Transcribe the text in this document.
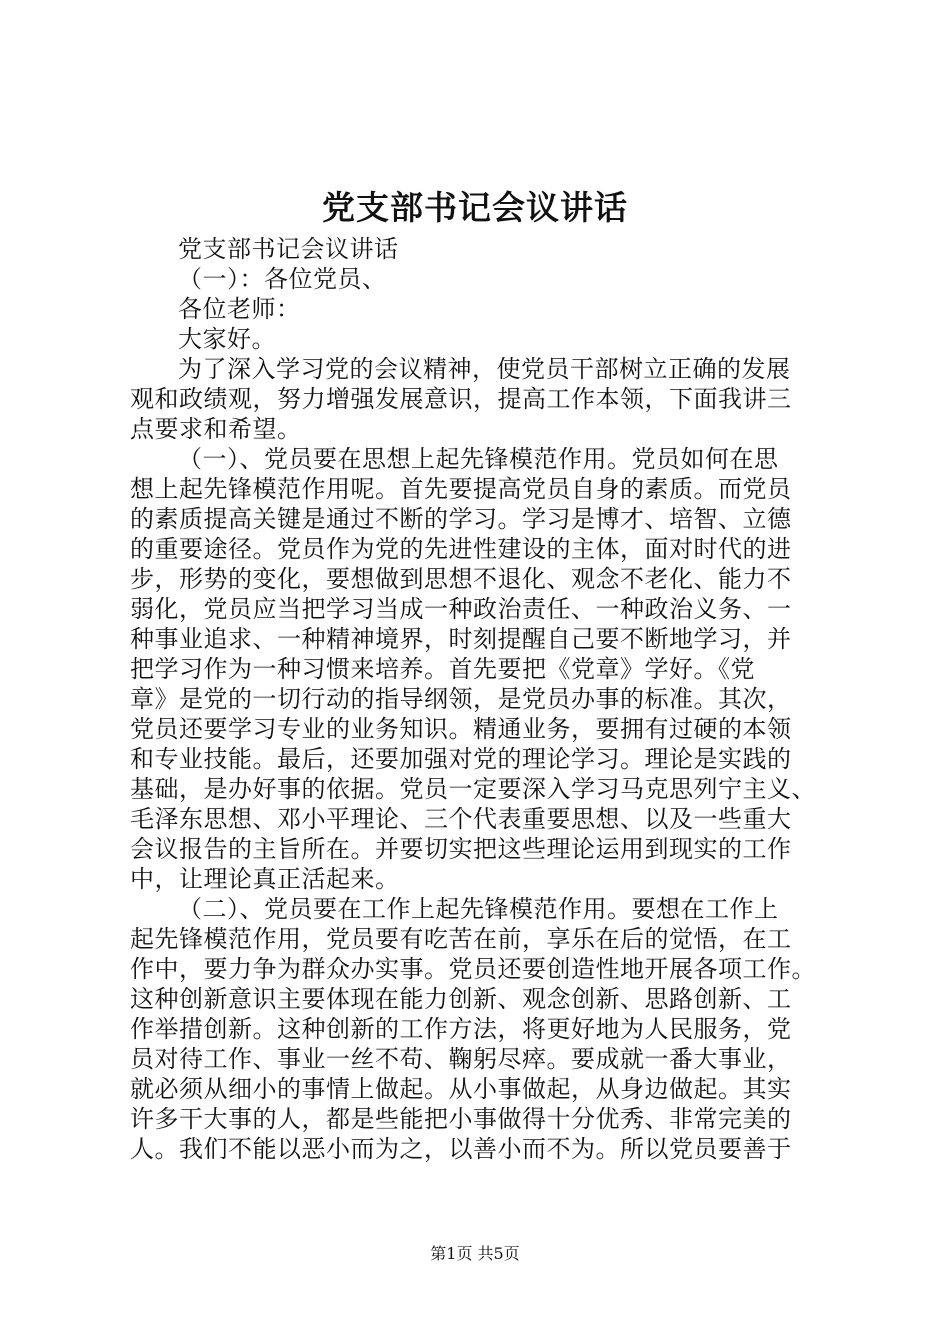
党支部书记会议讲话
党支部书记会议讲话
（一）：各位党员、
各位老师：
大家好。
为了深入学习党的会议精神，使党员干部树立正确的发展
观和政绩观，努力增强发展意识，提高工作本领，下面我讲三
点要求和希望。
（一）、党员要在思想上起先锋模范作用。党员如何在思
想上起先锋模范作用呢。首先要提高党员自身的素质。而党员
的素质提高关键是通过不断的学习。学习是博才、培智、立德
的重要途径。党员作为党的先进性建设的主体，面对时代的进
步，形势的变化，要想做到思想不退化、观念不老化、能力不
弱化，党员应当把学习当成一种政治责任、一种政治义务、一
种事业追求、一种精神境界，时刻提醒自己要不断地学习，并
把学习作为一种习惯来培养。首先要把《党章》学好。《党
章》是党的一切行动的指导纲领，是党员办事的标准。其次，
党员还要学习专业的业务知识。精通业务，要拥有过硬的本领
和专业技能。最后，还要加强对党的理论学习。理论是实践的
基础，是办好事的依据。党员一定要深入学习马克思列宁主义、
毛泽东思想、邓小平理论、三个代表重要思想、以及一些重大
会议报告的主旨所在。并要切实把这些理论运用到现实的工作
中，让理论真正活起来。
（二）、党员要在工作上起先锋模范作用。要想在工作上
起先锋模范作用，党员要有吃苦在前，享乐在后的觉悟，在工
作中，要力争为群众办实事。党员还要创造性地开展各项工作。
这种创新意识主要体现在能力创新、观念创新、思路创新、工
作举措创新。这种创新的工作方法，将更好地为人民服务，党
员对待工作、事业一丝不苟、鞠躬尽瘁。要成就一番大事业，
就必须从细小的事情上做起。从小事做起，从身边做起。其实
许多干大事的人，都是些能把小事做得十分优秀、非常完美的
人。我们不能以恶小而为之，以善小而不为。所以党员要善于
第1页 共5页
